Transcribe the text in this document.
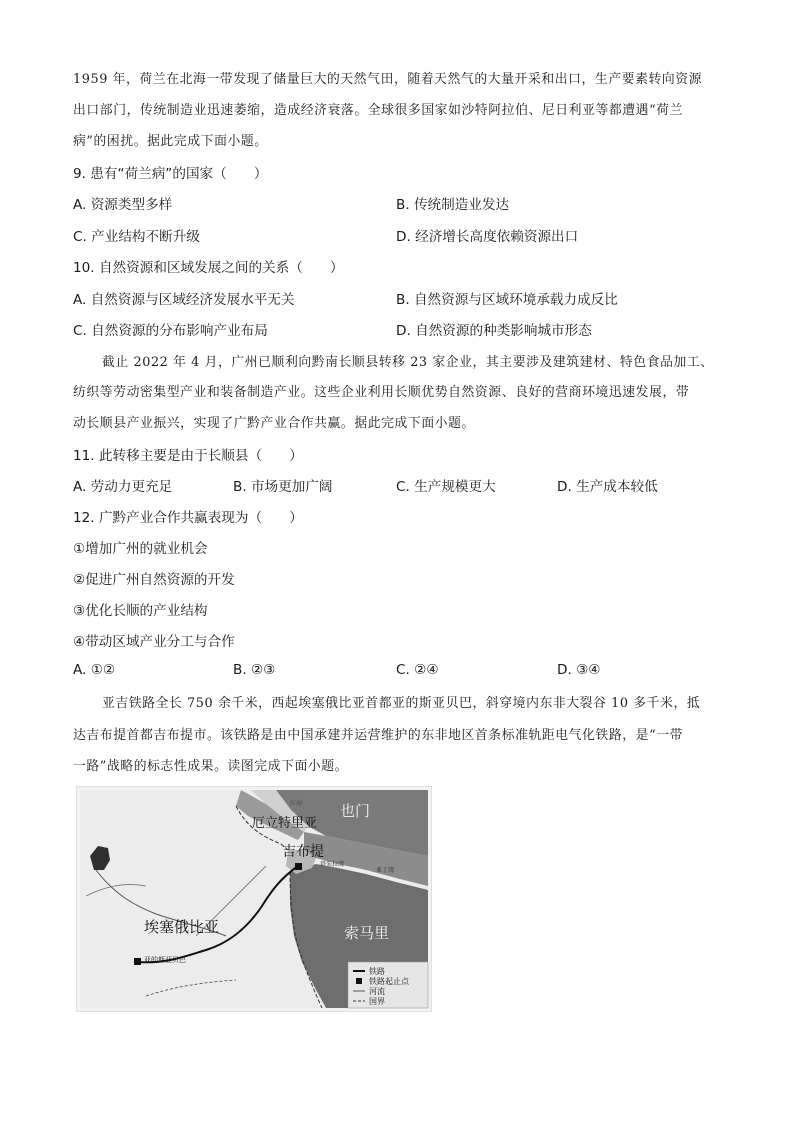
1959 年，荷兰在北海一带发现了储量巨大的天然气田，随着天然气的大量开采和出口，生产要素转向资源
出口部门，传统制造业迅速萎缩，造成经济衰落。全球很多国家如沙特阿拉伯、尼日利亚等都遭遇“荷兰
病”的困扰。据此完成下面小题。
9. 患有“荷兰病”的国家（　　）
A. 资源类型多样	B. 传统制造业发达
C. 产业结构不断升级	D. 经济增长高度依赖资源出口
10. 自然资源和区域发展之间的关系（　　）
A. 自然资源与区域经济发展水平无关	B. 自然资源与区域环境承载力成反比
C. 自然资源的分布影响产业布局	D. 自然资源的种类影响城市形态
截止 2022 年 4 月，广州已顺利向黔南长顺县转移 23 家企业，其主要涉及建筑建材、特色食品加工、
纺织等劳动密集型产业和装备制造产业。这些企业利用长顺优势自然资源、良好的营商环境迅速发展，带
动长顺县产业振兴，实现了广黔产业合作共赢。据此完成下面小题。
11. 此转移主要是由于长顺县（　　）
A. 劳动力更充足	B. 市场更加广阔	C. 生产规模更大	D. 生产成本较低
12. 广黔产业合作共赢表现为（　　）
①增加广州的就业机会
②促进广州自然资源的开发
③优化长顺的产业结构
④带动区域产业分工与合作
A. ①②	B. ②③	C. ②④	D. ③④
亚吉铁路全长 750 余千米，西起埃塞俄比亚首都亚的斯亚贝巴，斜穿境内东非大裂谷 10 多千米，抵
达吉布提首都吉布提市。该铁路是由中国承建并运营维护的东非地区首条标准轨距电气化铁路，是“一带
一路”战略的标志性成果。读图完成下面小题。
厄立特里亚
也门
吉布提
埃塞俄比亚	索马里
亚的斯亚贝巴
红海
塔朱拉湾
亚丁湾
铁路
铁路起止点
河流
国界
